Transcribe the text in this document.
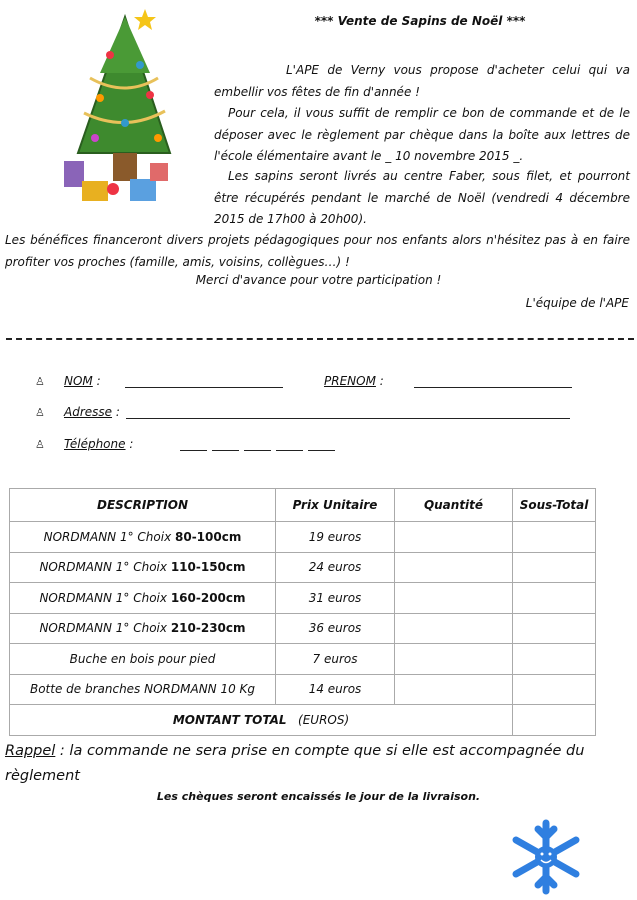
*** Vente de Sapins de Noël ***

L'APE de Verny vous propose d'acheter celui qui va embellir vos fêtes de fin d'année !

Pour cela, il vous suffit de remplir ce bon de commande et de le déposer avec le règlement par chèque dans la boîte aux lettres de l'école élémentaire avant le _ 10 novembre 2015 _.

Les sapins seront livrés au centre Faber, sous filet, et pourront être récupérés pendant le marché de Noël (vendredi 4 décembre 2015 de 17h00 à 20h00).

Les bénéfices financeront divers projets pédagogiques pour nos enfants alors n'hésitez pas à en faire profiter vos proches (famille, amis, voisins, collègues…) !
Merci d'avance pour votre participation !
L'équipe de l'APE
♙ NOM :	PRENOM :
♙ Adresse :
♙ Téléphone :
DESCRIPTION	Prix Unitaire	Quantité	Sous-Total
NORDMANN 1° Choix 80-100cm	19 euros		
NORDMANN 1° Choix 110-150cm	24 euros		
NORDMANN 1° Choix 160-200cm	31 euros		
NORDMANN 1° Choix 210-230cm	36 euros		
Buche en bois pour pied	7 euros		
Botte de branches NORDMANN 10 Kg	14 euros		
MONTANT TOTAL (EUROS)			
Rappel : la commande ne sera prise en compte que si elle est accompagnée du règlement
Les chèques seront encaissés le jour de la livraison.
